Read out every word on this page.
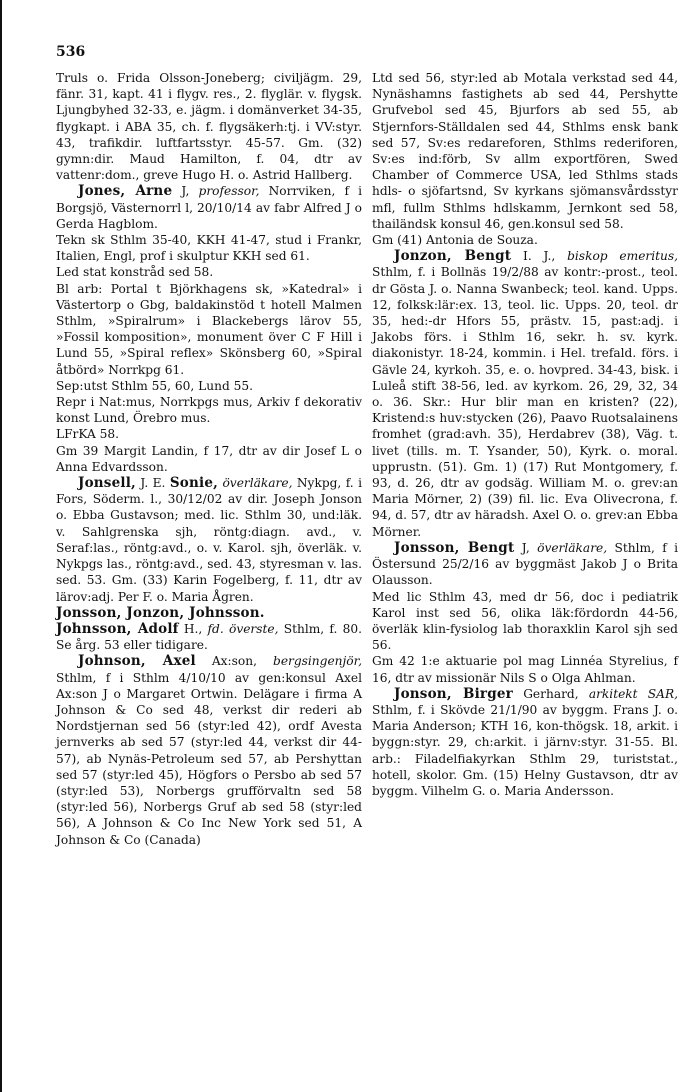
536

Truls o. Frida Olsson-Joneberg; civiljägm. 29, fänr. 31, kapt. 41 i flygv. res., 2. flyglär. v. flygsk. Ljungbyhed 32-33, e. jägm. i domänverket 34-35, flygkapt. i ABA 35, ch. f. flygsäkerh:tj. i VV:styr. 43, trafikdir. luftfartsstyr. 45-57. Gm. (32) gymn:dir. Maud Hamilton, f. 04, dtr av vattenr:dom., greve Hugo H. o. Astrid Hallberg.

Jones, Arne J, professor, Norrviken, f i Borgsjö, Västernorrl l, 20/10/14 av fabr Alfred J o Gerda Hagblom.

Tekn sk Sthlm 35-40, KKH 41-47, stud i Frankr, Italien, Engl, prof i skulptur KKH sed 61.

Led stat konstråd sed 58.

Bl arb: Portal t Björkhagens sk, »Katedral» i Västertorp o Gbg, baldakinstöd t hotell Malmen Sthlm, »Spiralrum» i Blackebergs lärov 55, »Fossil komposition», monument över C F Hill i Lund 55, »Spiral reflex» Skönsberg 60, »Spiral åtbörd» Norrkpg 61.

Sep:utst Sthlm 55, 60, Lund 55.

Repr i Nat:mus, Norrkpgs mus, Arkiv f dekorativ konst Lund, Örebro mus.

LFrKA 58.

Gm 39 Margit Landin, f 17, dtr av dir Josef L o Anna Edvardsson.

Jonsell, J. E. Sonie, överläkare, Nykpg, f. i Fors, Söderm. l., 30/12/02 av dir. Joseph Jonson o. Ebba Gustavson; med. lic. Sthlm 30, und:läk. v. Sahlgrenska sjh, röntg:diagn. avd., v. Seraf:las., röntg:avd., o. v. Karol. sjh, överläk. v. Nykpgs las., röntg:avd., sed. 43, styresman v. las. sed. 53. Gm. (33) Karin Fogelberg, f. 11, dtr av lärov:adj. Per F. o. Maria Ågren.

Jonsson, Jonzon, Johnsson.

Johnsson, Adolf H., fd. överste, Sthlm, f. 80. Se årg. 53 eller tidigare.

Johnson, Axel Ax:son, bergsingenjör, Sthlm, f i Sthlm 4/10/10 av gen:konsul Axel Ax:son J o Margaret Ortwin. Delägare i firma A Johnson & Co sed 48, verkst dir rederi ab Nordstjernan sed 56 (styr:led 42), ordf Avesta jernverks ab sed 57 (styr:led 44, verkst dir 44-57), ab Nynäs-Petroleum sed 57, ab Pershyttan sed 57 (styr:led 45), Högfors o Persbo ab sed 57 (styr:led 53), Norbergs grufförvaltn sed 58 (styr:led 56), Norbergs Gruf ab sed 58 (styr:led 56), A Johnson & Co Inc New York sed 51, A Johnson & Co (Canada)

Ltd sed 56, styr:led ab Motala verkstad sed 44, Nynäshamns fastighets ab sed 44, Pershytte Grufvebol sed 45, Bjurfors ab sed 55, ab Stjernfors-Ställdalen sed 44, Sthlms ensk bank sed 57, Sv:es redareforen, Sthlms rederiforen, Sv:es ind:förb, Sv allm exportfören, Swed Chamber of Commerce USA, led Sthlms stads hdls- o sjöfartsnd, Sv kyrkans sjömansvårdsstyr mfl, fullm Sthlms hdlskamm, Jernkont sed 58, thailändsk konsul 46, gen.konsul sed 58.

Gm (41) Antonia de Souza.

Jonzon, Bengt I. J., biskop emeritus, Sthlm, f. i Bollnäs 19/2/88 av kontr:-prost., teol. dr Gösta J. o. Nanna Swanbeck; teol. kand. Upps. 12, folksk:lär:ex. 13, teol. lic. Upps. 20, teol. dr 35, hed:-dr Hfors 55, prästv. 15, past:adj. i Jakobs förs. i Sthlm 16, sekr. h. sv. kyrk. diakonistyr. 18-24, kommin. i Hel. trefald. förs. i Gävle 24, kyrkoh. 35, e. o. hovpred. 34-43, bisk. i Luleå stift 38-56, led. av kyrkom. 26, 29, 32, 34 o. 36. Skr.: Hur blir man en kristen? (22), Kristend:s huv:stycken (26), Paavo Ruotsalainens fromhet (grad:avh. 35), Herdabrev (38), Väg. t. livet (tills. m. T. Ysander, 50), Kyrk. o. moral. upprustn. (51). Gm. 1) (17) Rut Montgomery, f. 93, d. 26, dtr av godsäg. William M. o. grev:an Maria Mörner, 2) (39) fil. lic. Eva Olivecrona, f. 94, d. 57, dtr av häradsh. Axel O. o. grev:an Ebba Mörner.

Jonsson, Bengt J, överläkare, Sthlm, f i Östersund 25/2/16 av byggmäst Jakob J o Brita Olausson.

Med lic Sthlm 43, med dr 56, doc i pediatrik Karol inst sed 56, olika läk:fördordn 44-56, överläk klin-fysiolog lab thoraxklin Karol sjh sed 56.

Gm 42 1:e aktuarie pol mag Linnéa Styrelius, f 16, dtr av missionär Nils S o Olga Ahlman.

Jonson, Birger Gerhard, arkitekt SAR, Sthlm, f. i Skövde 21/1/90 av byggm. Frans J. o. Maria Anderson; KTH 16, kon-thögsk. 18, arkit. i byggn:styr. 29, ch:arkit. i järnv:styr. 31-55. Bl. arb.: Filadelfiakyrkan Sthlm 29, turiststat., hotell, skolor. Gm. (15) Helny Gustavson, dtr av byggm. Vilhelm G. o. Maria Andersson.
